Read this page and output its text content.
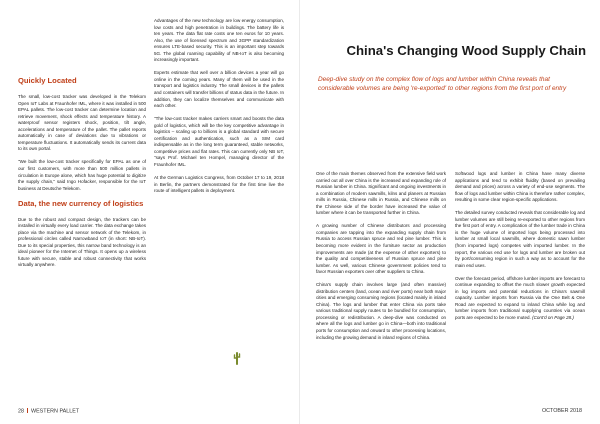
Quickly Located

The small, low-cost tracker was developed in the Telekom Open IoT Labs at Fraunhofer IML, where it was installed in 500 EPAL pallets. The low-cost tracker can determine location and retrieve movement, shock effects and temperature history. A waterproof sensor registers shock, position, tilt angle, accelerations and temperature of the pallet. The pallet reports automatically in case of deviations due to vibrations or temperature fluctuations. It automatically sends its current data to its own portal.

"We built the low-cost tracker specifically for EPAL as one of our first customers, with more than 500 million pallets in circulation in Europe alone, which has huge potential to digitize the supply chain," said Ingo Hofacker, responsible for the IoT business at Deutsche Telekom.

Data, the new currency of logistics

Due to the robust and compact design, the trackers can be installed in virtually every load carrier. The data exchange takes place via the machine and sensor network of the Telekom, in professional circles called Narrowband IoT (in short: NB-IoT). Due to its special properties, this narrow band technology is an ideal pioneer for the Internet of Things. It opens up a wireless future with secure, stable and robust connectivity that works virtually anywhere.

Advantages of the new technology are low energy consumption, low costs and high penetration in buildings. The battery life is ten years. The data flat rate costs one ten euros for 10 years. Also, the use of licensed spectrum and 3GPP standardization ensures LTE-based security. This is an important step towards 5G. The global roaming capability of NB-IoT is also becoming increasingly important.

Experts estimate that well over a billion devices a year will go online in the coming years. Many of them will be used in the transport and logistics industry. The small devices in the pallets and containers will transfer billions of status data in the future. In addition, they can localize themselves and communicate with each other.

"The low-cost tracker makes carriers smart and boosts the data gold of logistics, which will be the key competitive advantage in logistics – scaling up to billions is a global standard with secure certification and authentication, such as a SIM card indispensable as in the long term guaranteed, stable networks, competitive prices and flat rates. This can currently only NB IoT, "says Prof. Michael ten Hompel, managing director of the Fraunhofer IML.

At the German Logistics Congress, from October 17 to 19, 2018 in Berlin, the partners demonstrated for the first time live the route of intelligent pallets in deployment.

28 WESTERN PALLET
China's Changing Wood Supply Chain

Deep-dive study on the complex flow of logs and lumber within China reveals that considerable volumes are being 're-exported' to other regions from the first port of entry

One of the main themes observed from the extensive field work carried out all over China is the increased and expanding role of Russian lumber in China. Significant and ongoing investments in a combination of modern sawmills, kilns and planers at Russian mills in Russia, Chinese mills in Russia, and Chinese mills on the Chinese side of the border have increased the value of lumber where it can be transported further in China.

A growing number of Chinese distributors and processing companies are tapping into the expanding supply chain from Russia to access Russian spruce and red pine lumber. This is becoming more evident in the furniture sector as production improvements are made (at the expense of other exporters) to the quality and competitiveness of Russian spruce and pine lumber. As well, various Chinese government policies tend to favor Russian exporters over other suppliers to China.

China's supply chain involves large (and often massive) distribution centers (land, ocean and river ports) near both major cities and emerging consuming regions (located mainly in inland China). The logs and lumber that enter China via ports take various traditional supply routes to be bundled for consumption, processing or redistribution. A deep-dive was conducted on where all the logs and lumber go in China—both into traditional ports for consumption and onward to other processing locations, including the growing demand in inland regions of China.

Softwood logs and lumber in China have many diverse applications and tend to exhibit fluidity (based on prevailing demand and prices) across a variety of end-use segments. The flow of logs and lumber within China is therefore rather complex, resulting in some clear region-specific applications.

The detailed survey conducted reveals that considerable log and lumber volumes are still being re-exported to other regions from the first port of entry. A complication of the lumber trade in China is the huge volume of imported logs being processed into lumber at small local sawmills, where domestic sawn lumber (from imported logs) competes with imported lumber. In the report, the various end use for logs and lumber are broken out by port/consuming region in such a way as to account for the main end uses.

Over the forecast period, offshore lumber imports are forecast to continue expanding to offset the much slower growth expected in log imports and potential reductions in China's sawmill capacity. Lumber imports from Russia via the One Belt & One Road are expected to expand to inland China while log and lumber imports from traditional supplying countries via ocean ports are expected to be more muted. (Cont'd on Page 28.)

OCTOBER 2018
